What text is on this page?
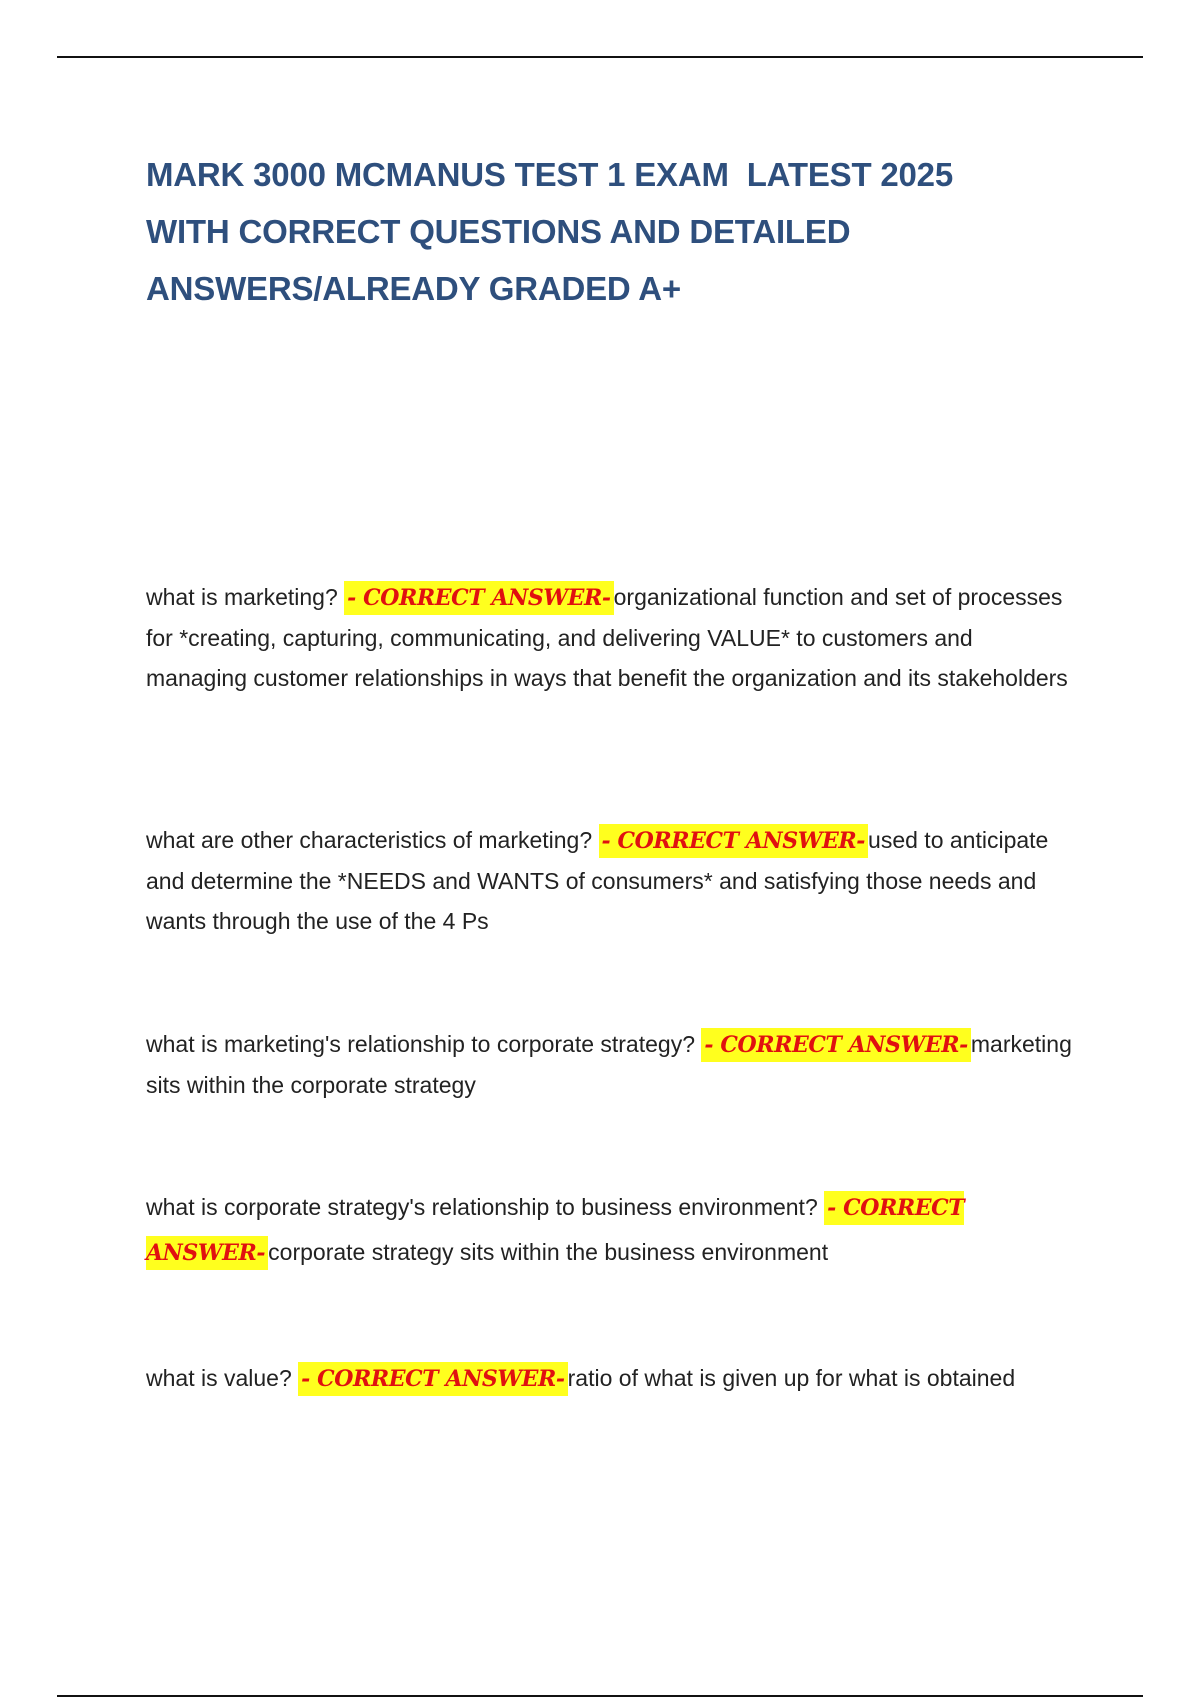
MARK 3000 MCMANUS TEST 1 EXAM  LATEST 2025
WITH CORRECT QUESTIONS AND DETAILED
ANSWERS/ALREADY GRADED A+

what is marketing? - CORRECT ANSWER- organizational function and set of processes for *creating, capturing, communicating, and delivering VALUE* to customers and managing customer relationships in ways that benefit the organization and its stakeholders

what are other characteristics of marketing? - CORRECT ANSWER- used to anticipate and determine the *NEEDS and WANTS of consumers* and satisfying those needs and wants through the use of the 4 Ps

what is marketing's relationship to corporate strategy? - CORRECT ANSWER- marketing sits within the corporate strategy

what is corporate strategy's relationship to business environment? - CORRECT ANSWER- corporate strategy sits within the business environment

what is value? - CORRECT ANSWER- ratio of what is given up for what is obtained
